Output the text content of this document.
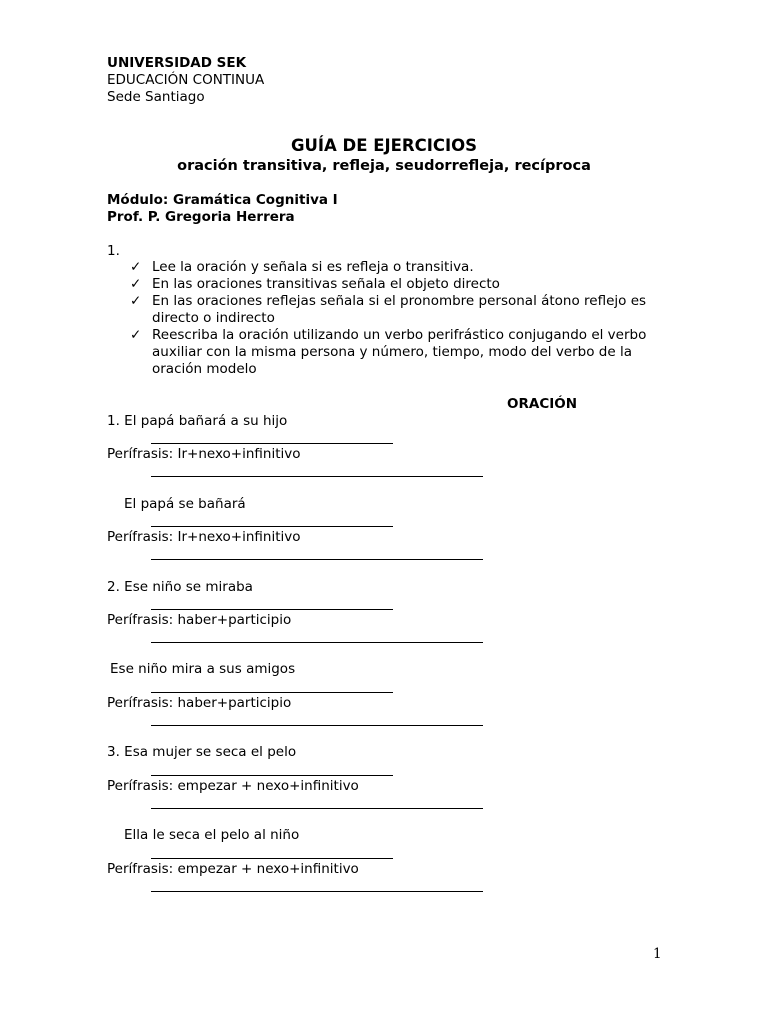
UNIVERSIDAD SEK
EDUCACIÓN CONTINUA
Sede Santiago
GUÍA DE EJERCICIOS
oración transitiva, refleja, seudorrefleja, recíproca
Módulo: Gramática Cognitiva I
Prof. P. Gregoria Herrera
1.
✓ Lee la oración y señala si es refleja o transitiva.
✓ En las oraciones transitivas señala el objeto directo
✓ En las oraciones reflejas señala si el pronombre personal átono reflejo es directo o indirecto
✓ Reescriba la oración utilizando un verbo perifrástico conjugando el verbo auxiliar con la misma persona y número, tiempo, modo del verbo de la oración modelo
ORACIÓN
1. El papá bañará a su hijo
Perífrasis: Ir+nexo+infinitivo
El papá se bañará
Perífrasis: Ir+nexo+infinitivo
2. Ese niño se miraba
Perífrasis: haber+participio
Ese niño mira a sus amigos
Perífrasis: haber+participio
3. Esa mujer se seca el pelo
Perífrasis: empezar + nexo+infinitivo
Ella le seca el pelo al niño
Perífrasis: empezar + nexo+infinitivo
1
